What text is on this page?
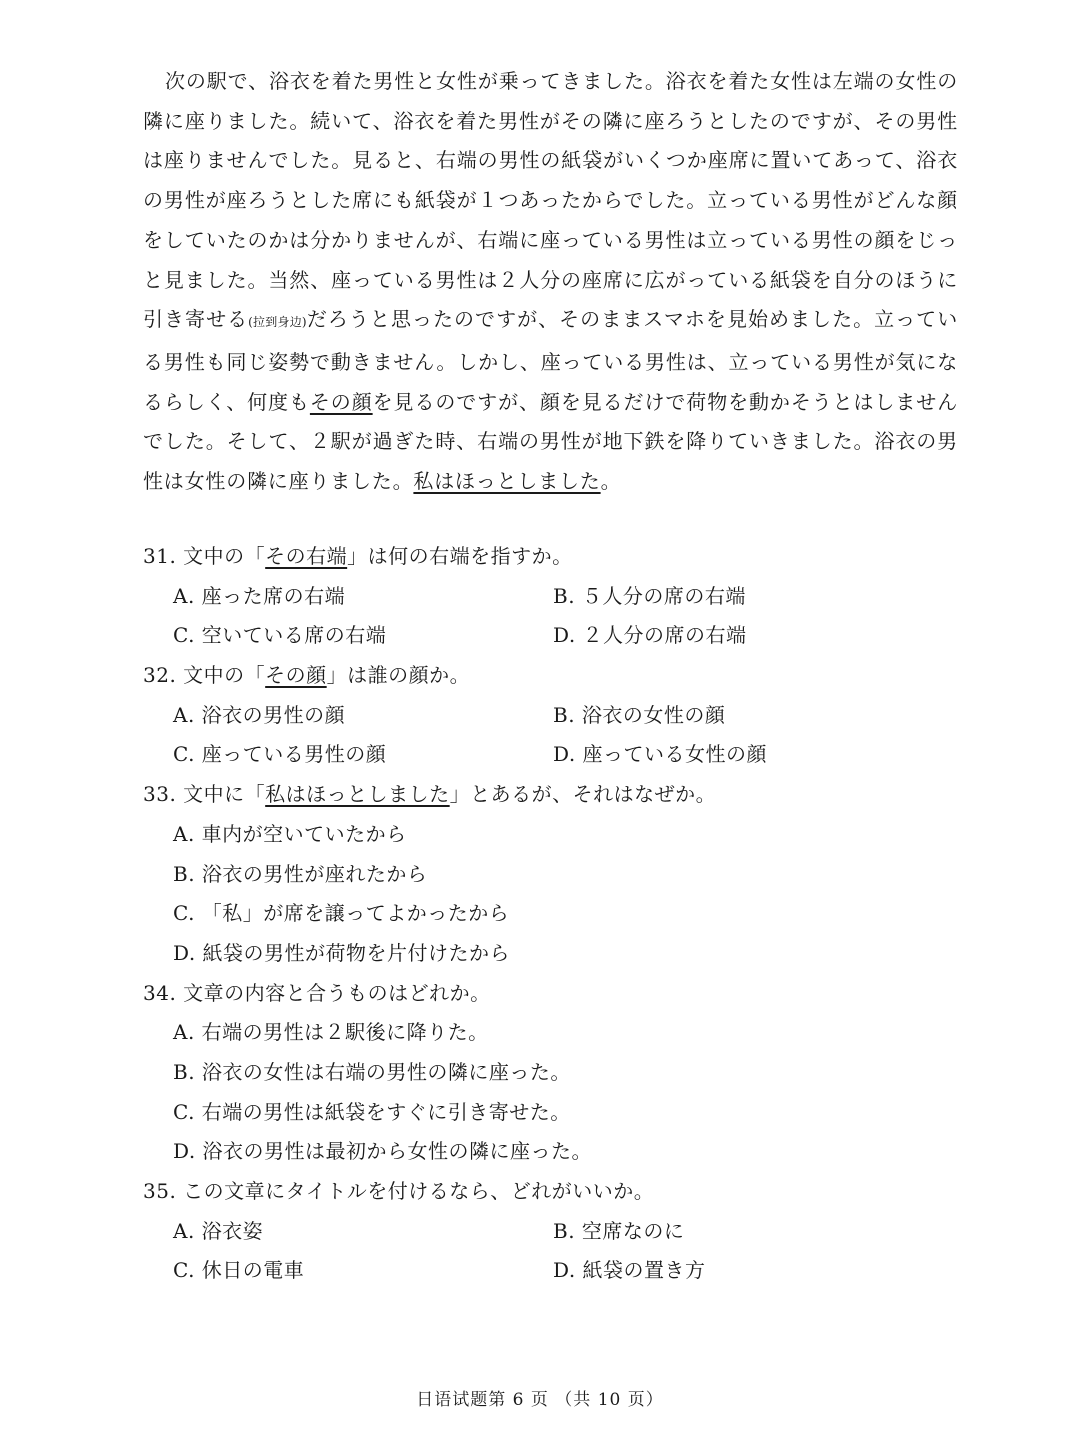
次の駅で、浴衣を着た男性と女性が乗ってきました。浴衣を着た女性は左端の女性の隣に座りました。続いて、浴衣を着た男性がその隣に座ろうとしたのですが、その男性は座りませんでした。見ると、右端の男性の紙袋がいくつか座席に置いてあって、浴衣の男性が座ろうとした席にも紙袋が１つあったからでした。立っている男性がどんな顔をしていたのかは分かりませんが、右端に座っている男性は立っている男性の顔をじっと見ました。当然、座っている男性は２人分の座席に広がっている紙袋を自分のほうに引き寄せる(拉到身边)だろうと思ったのですが、そのままスマホを見始めました。立っている男性も同じ姿勢で動きません。しかし、座っている男性は、立っている男性が気になるらしく、何度もその顔を見るのですが、顔を見るだけで荷物を動かそうとはしませんでした。そして、２駅が過ぎた時、右端の男性が地下鉄を降りていきました。浴衣の男性は女性の隣に座りました。私はほっとしました。

31. 文中の「その右端」は何の右端を指すか。
A. 座った席の右端	B. ５人分の席の右端
C. 空いている席の右端	D. ２人分の席の右端
32. 文中の「その顔」は誰の顔か。
A. 浴衣の男性の顔	B. 浴衣の女性の顔
C. 座っている男性の顔	D. 座っている女性の顔
33. 文中に「私はほっとしました」とあるが、それはなぜか。
A. 車内が空いていたから
B. 浴衣の男性が座れたから
C. 「私」が席を譲ってよかったから
D. 紙袋の男性が荷物を片付けたから
34. 文章の内容と合うものはどれか。
A. 右端の男性は２駅後に降りた。
B. 浴衣の女性は右端の男性の隣に座った。
C. 右端の男性は紙袋をすぐに引き寄せた。
D. 浴衣の男性は最初から女性の隣に座った。
35. この文章にタイトルを付けるなら、どれがいいか。
A. 浴衣姿	B. 空席なのに
C. 休日の電車	D. 紙袋の置き方
日语试题第 6 页 （共 10 页）
